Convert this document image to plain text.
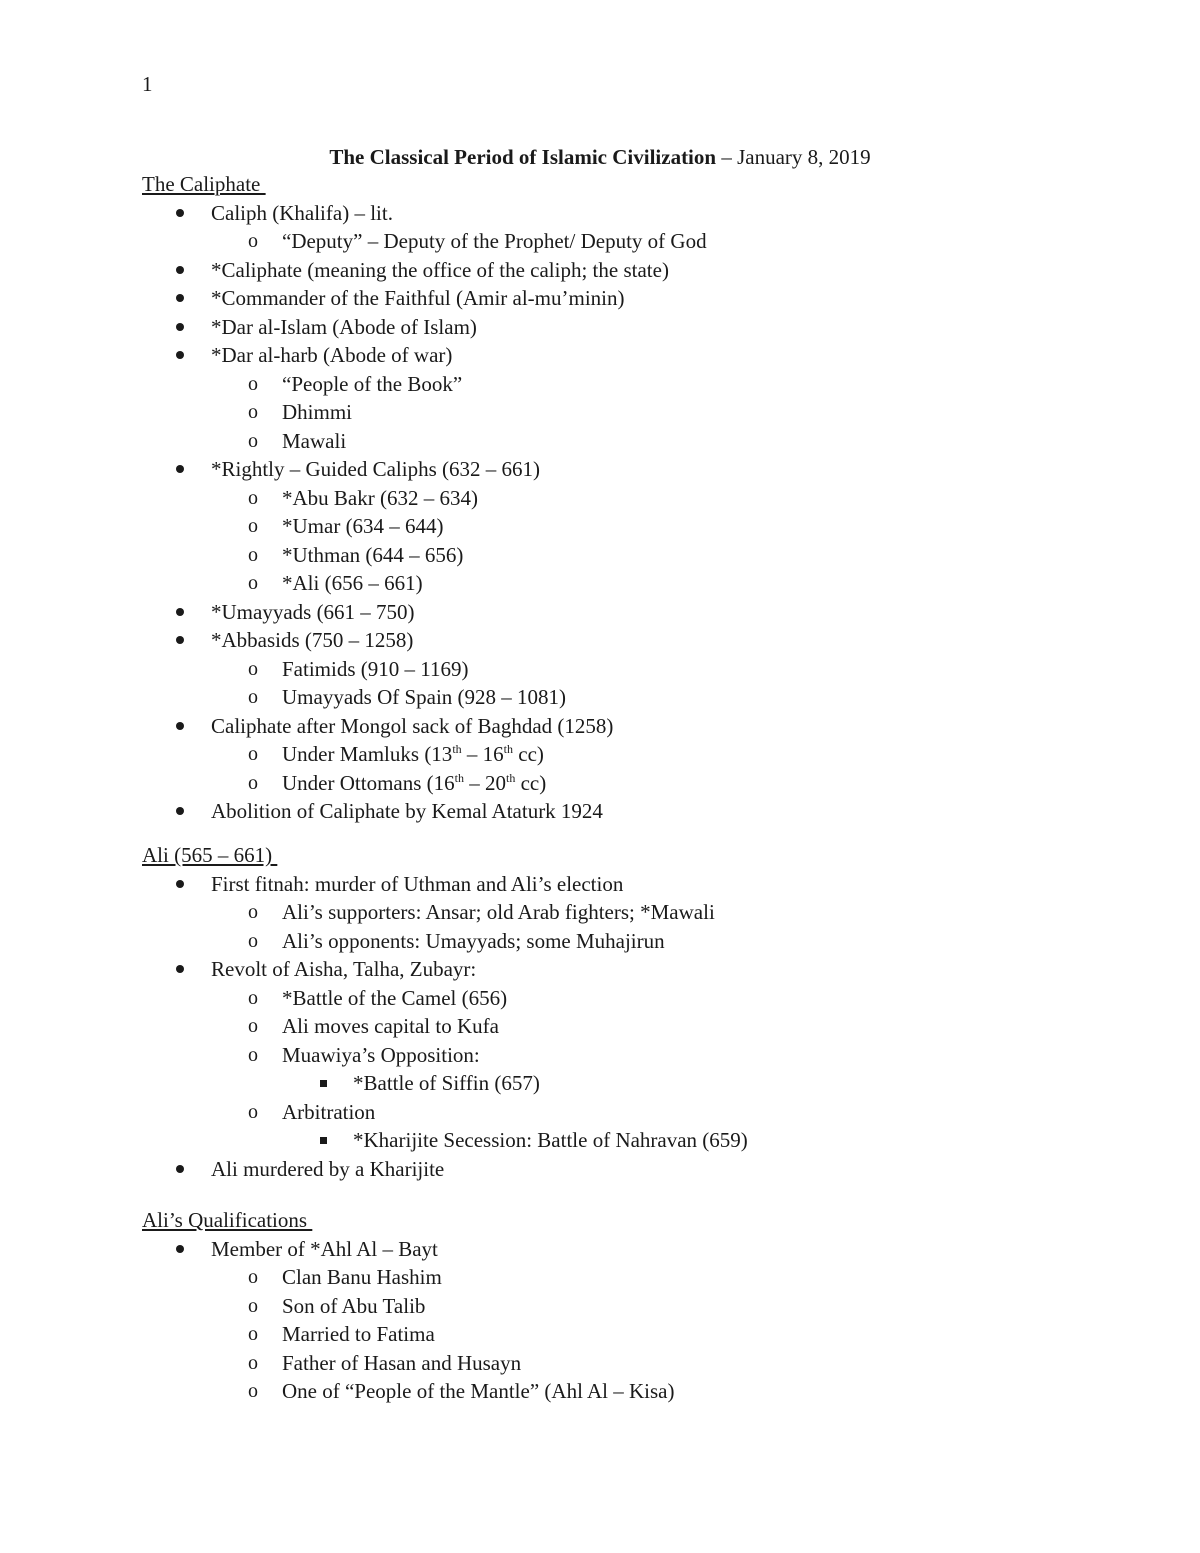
1
The Classical Period of Islamic Civilization – January 8, 2019
The Caliphate
Caliph (Khalifa) – lit.
o “Deputy” – Deputy of the Prophet/ Deputy of God
*Caliphate (meaning the office of the caliph; the state)
*Commander of the Faithful (Amir al-mu’minin)
*Dar al-Islam (Abode of Islam)
*Dar al-harb (Abode of war)
o “People of the Book”
o Dhimmi
o Mawali
*Rightly – Guided Caliphs (632 – 661)
o *Abu Bakr (632 – 634)
o *Umar (634 – 644)
o *Uthman (644 – 656)
o *Ali (656 – 661)
*Umayyads (661 – 750)
*Abbasids (750 – 1258)
o Fatimids (910 – 1169)
o Umayyads Of Spain (928 – 1081)
Caliphate after Mongol sack of Baghdad (1258)
o Under Mamluks (13th – 16th cc)
o Under Ottomans (16th – 20th cc)
Abolition of Caliphate by Kemal Ataturk 1924
Ali (565 – 661)
First fitnah: murder of Uthman and Ali’s election
o Ali’s supporters: Ansar; old Arab fighters; *Mawali
o Ali’s opponents: Umayyads; some Muhajirun
Revolt of Aisha, Talha, Zubayr:
o *Battle of the Camel (656)
o Ali moves capital to Kufa
o Muawiya’s Opposition:
*Battle of Siffin (657)
o Arbitration
*Kharijite Secession: Battle of Nahravan (659)
Ali murdered by a Kharijite
Ali’s Qualifications
Member of *Ahl Al – Bayt
o Clan Banu Hashim
o Son of Abu Talib
o Married to Fatima
o Father of Hasan and Husayn
o One of “People of the Mantle” (Ahl Al – Kisa)
